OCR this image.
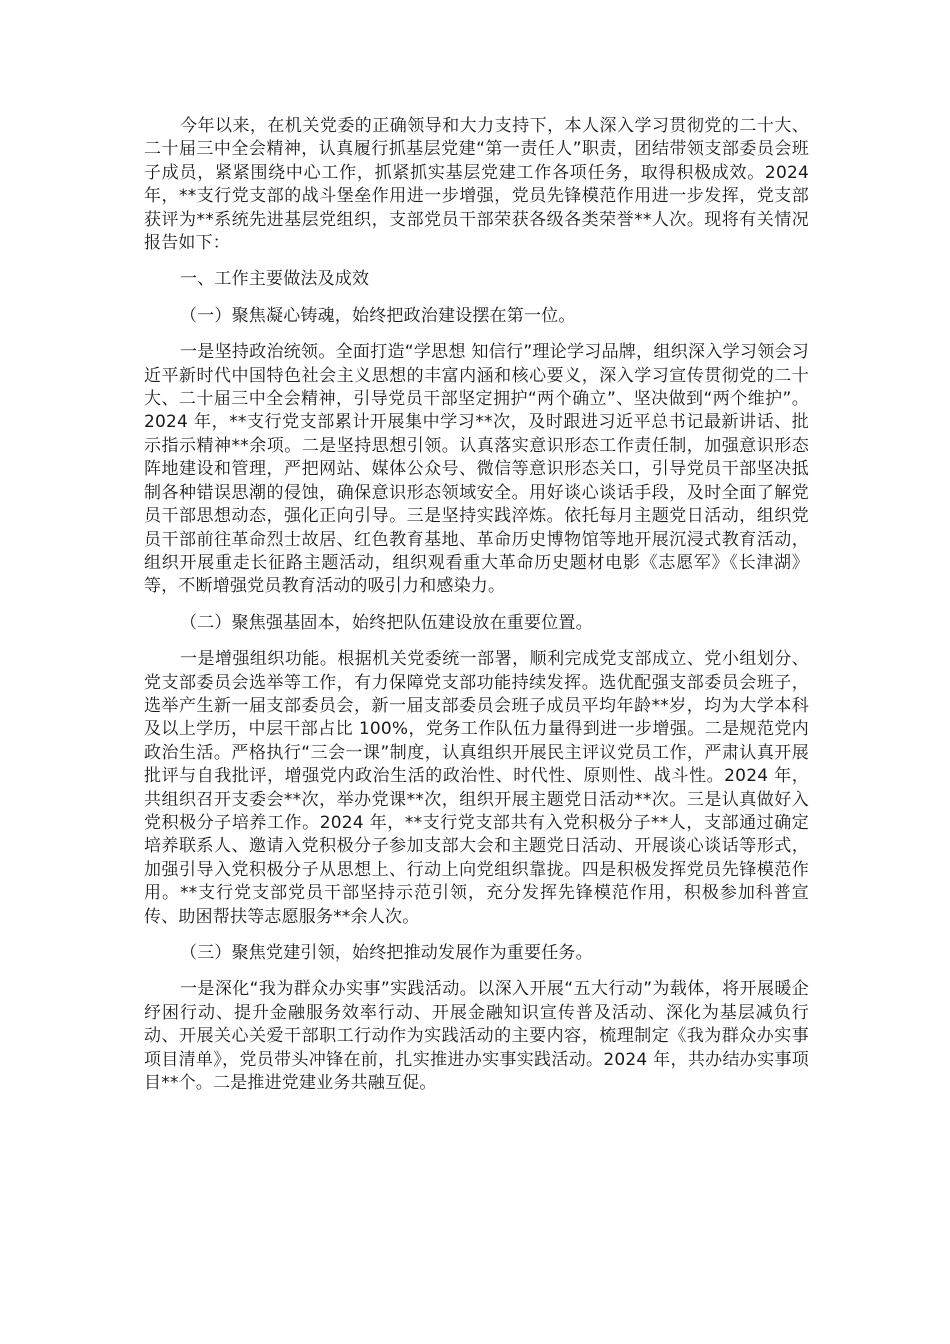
今年以来，在机关党委的正确领导和大力支持下，本人深入学习贯彻党的二十大、二十届三中全会精神，认真履行抓基层党建“第一责任人”职责，团结带领支部委员会班子成员，紧紧围绕中心工作，抓紧抓实基层党建工作各项任务，取得积极成效。2024 年，**支行党支部的战斗堡垒作用进一步增强，党员先锋模范作用进一步发挥，党支部获评为**系统先进基层党组织，支部党员干部荣获各级各类荣誉**人次。现将有关情况报告如下：

一、工作主要做法及成效

（一）聚焦凝心铸魂，始终把政治建设摆在第一位。

一是坚持政治统领。全面打造“学思想 知信行”理论学习品牌，组织深入学习领会习近平新时代中国特色社会主义思想的丰富内涵和核心要义，深入学习宣传贯彻党的二十大、二十届三中全会精神，引导党员干部坚定拥护“两个确立”、坚决做到“两个维护”。2024 年，**支行党支部累计开展集中学习**次，及时跟进习近平总书记最新讲话、批示指示精神**余项。二是坚持思想引领。认真落实意识形态工作责任制，加强意识形态阵地建设和管理，严把网站、媒体公众号、微信等意识形态关口，引导党员干部坚决抵制各种错误思潮的侵蚀，确保意识形态领域安全。用好谈心谈话手段，及时全面了解党员干部思想动态，强化正向引导。三是坚持实践淬炼。依托每月主题党日活动，组织党员干部前往革命烈士故居、红色教育基地、革命历史博物馆等地开展沉浸式教育活动，组织开展重走长征路主题活动，组织观看重大革命历史题材电影《志愿军》《长津湖》等，不断增强党员教育活动的吸引力和感染力。

（二）聚焦强基固本，始终把队伍建设放在重要位置。

一是增强组织功能。根据机关党委统一部署，顺利完成党支部成立、党小组划分、党支部委员会选举等工作，有力保障党支部功能持续发挥。选优配强支部委员会班子，选举产生新一届支部委员会，新一届支部委员会班子成员平均年龄**岁，均为大学本科及以上学历，中层干部占比 100%，党务工作队伍力量得到进一步增强。二是规范党内政治生活。严格执行“三会一课”制度，认真组织开展民主评议党员工作，严肃认真开展批评与自我批评，增强党内政治生活的政治性、时代性、原则性、战斗性。2024 年，共组织召开支委会**次，举办党课**次，组织开展主题党日活动**次。三是认真做好入党积极分子培养工作。2024 年，**支行党支部共有入党积极分子**人，支部通过确定培养联系人、邀请入党积极分子参加支部大会和主题党日活动、开展谈心谈话等形式，加强引导入党积极分子从思想上、行动上向党组织靠拢。四是积极发挥党员先锋模范作用。**支行党支部党员干部坚持示范引领，充分发挥先锋模范作用，积极参加科普宣传、助困帮扶等志愿服务**余人次。

（三）聚焦党建引领，始终把推动发展作为重要任务。

一是深化“我为群众办实事”实践活动。以深入开展“五大行动”为载体，将开展暖企纾困行动、提升金融服务效率行动、开展金融知识宣传普及活动、深化为基层减负行动、开展关心关爱干部职工行动作为实践活动的主要内容，梳理制定《我为群众办实事项目清单》，党员带头冲锋在前，扎实推进办实事实践活动。2024 年，共办结办实事项目**个。二是推进党建业务共融互促。
